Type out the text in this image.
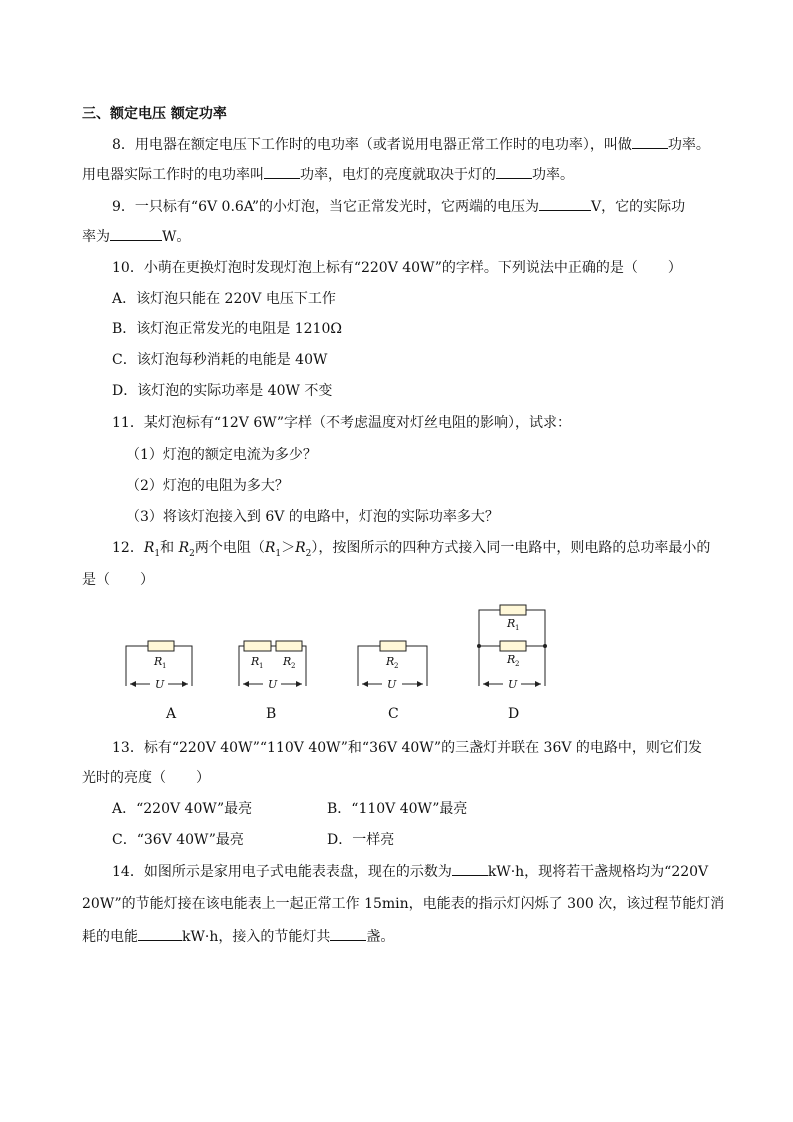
三、额定电压 额定功率
8．用电器在额定电压下工作时的电功率（或者说用电器正常工作时的电功率），叫做	功率。
用电器实际工作时的电功率叫	功率，电灯的亮度就取决于灯的	功率。
9．一只标有“6V 0.6A”的小灯泡，当它正常发光时，它两端的电压为	V，它的实际功
率为	W。
10．小萌在更换灯泡时发现灯泡上标有“220V 40W”的字样。下列说法中正确的是（ ）
A．该灯泡只能在 220V 电压下工作
B．该灯泡正常发光的电阻是 1210Ω
C．该灯泡每秒消耗的电能是 40W
D．该灯泡的实际功率是 40W 不变
11．某灯泡标有“12V 6W”字样（不考虑温度对灯丝电阻的影响），试求：
（1）灯泡的额定电流为多少？
（2）灯泡的电阻为多大？
（3）将该灯泡接入到 6V 的电路中，灯泡的实际功率多大？
12．$R_1$和 $R_2$两个电阻$(R_1>R_2)$，按图所示的四种方式接入同一电路中，则电路的总功率最小的
是（ ）
R 1
U
R 1 R 2
U
R 2
U
R 1
R 2
U
A	B	C	D
13．标有“220V 40W”“110V 40W”和“36V 40W”的三盏灯并联在 36V 的电路中，则它们发
光时的亮度（ ）
A．“220V 40W”最亮	B．“110V 40W”最亮
C．“36V 40W”最亮	D．一样亮
14．如图所示是家用电子式电能表表盘，现在的示数为	kW·h，现将若干盏规格均为“220V
20W”的节能灯接在该电能表上一起正常工作 15min，电能表的指示灯闪烁了 300 次，该过程节能灯消
耗的电能	kW·h，接入的节能灯共	盏。
